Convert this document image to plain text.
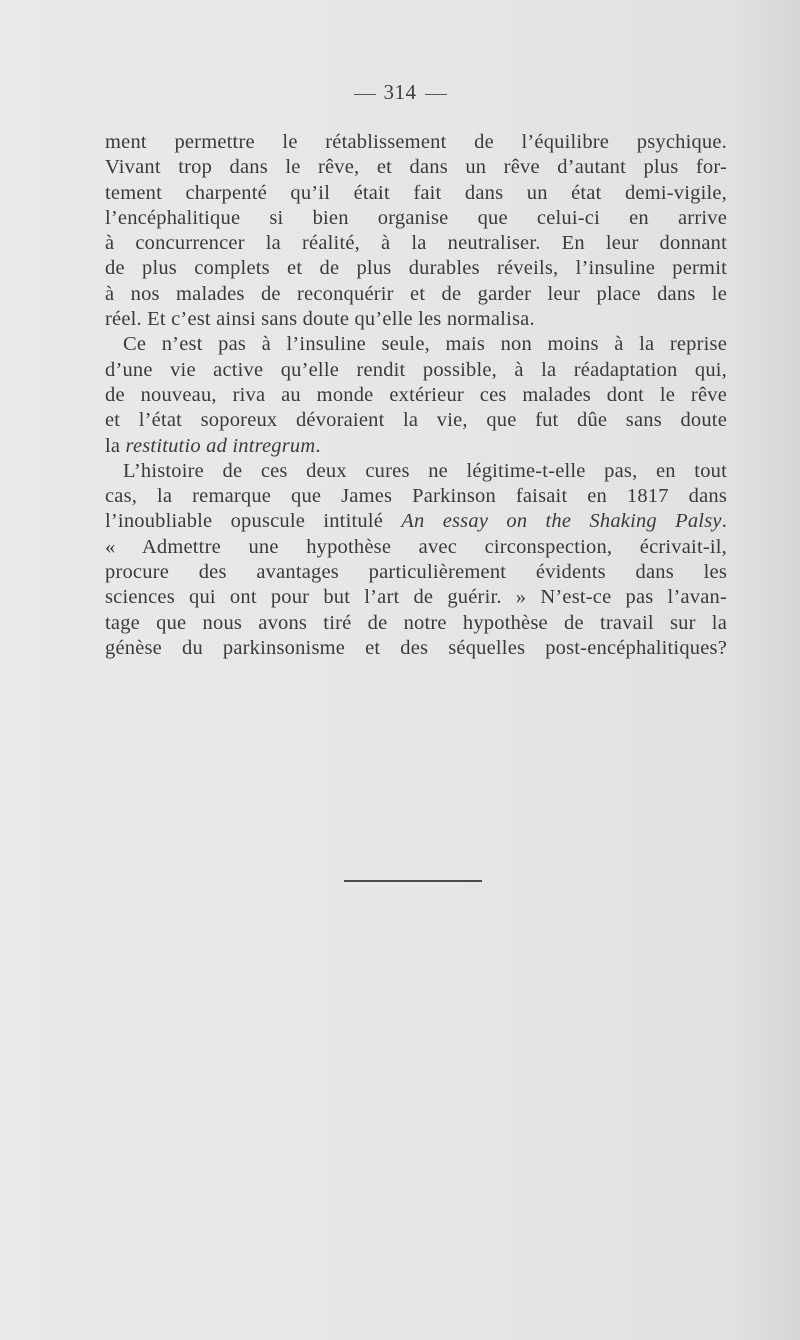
314
ment permettre le rétablissement de l’équilibre psychique.
Vivant trop dans le rêve, et dans un rêve d’autant plus for-
tement charpenté qu’il était fait dans un état demi-vigile,
l’encéphalitique si bien organise que celui-ci en arrive
à concurrencer la réalité, à la neutraliser. En leur donnant
de plus complets et de plus durables réveils, l’insuline permit
à nos malades de reconquérir et de garder leur place dans le
réel. Et c’est ainsi sans doute qu’elle les normalisa.
Ce n’est pas à l’insuline seule, mais non moins à la reprise
d’une vie active qu’elle rendit possible, à la réadaptation qui,
de nouveau, riva au monde extérieur ces malades dont le rêve
et l’état soporeux dévoraient la vie, que fut dûe sans doute
la restitutio ad intregrum.
L’histoire de ces deux cures ne légitime-t-elle pas, en tout
cas, la remarque que James Parkinson faisait en 1817 dans
l’inoubliable opuscule intitulé An essay on the Shaking Palsy.
« Admettre une hypothèse avec circonspection, écrivait-il,
procure des avantages particulièrement évidents dans les
sciences qui ont pour but l’art de guérir. » N’est-ce pas l’avan-
tage que nous avons tiré de notre hypothèse de travail sur la
génèse du parkinsonisme et des séquelles post-encéphalitiques?
